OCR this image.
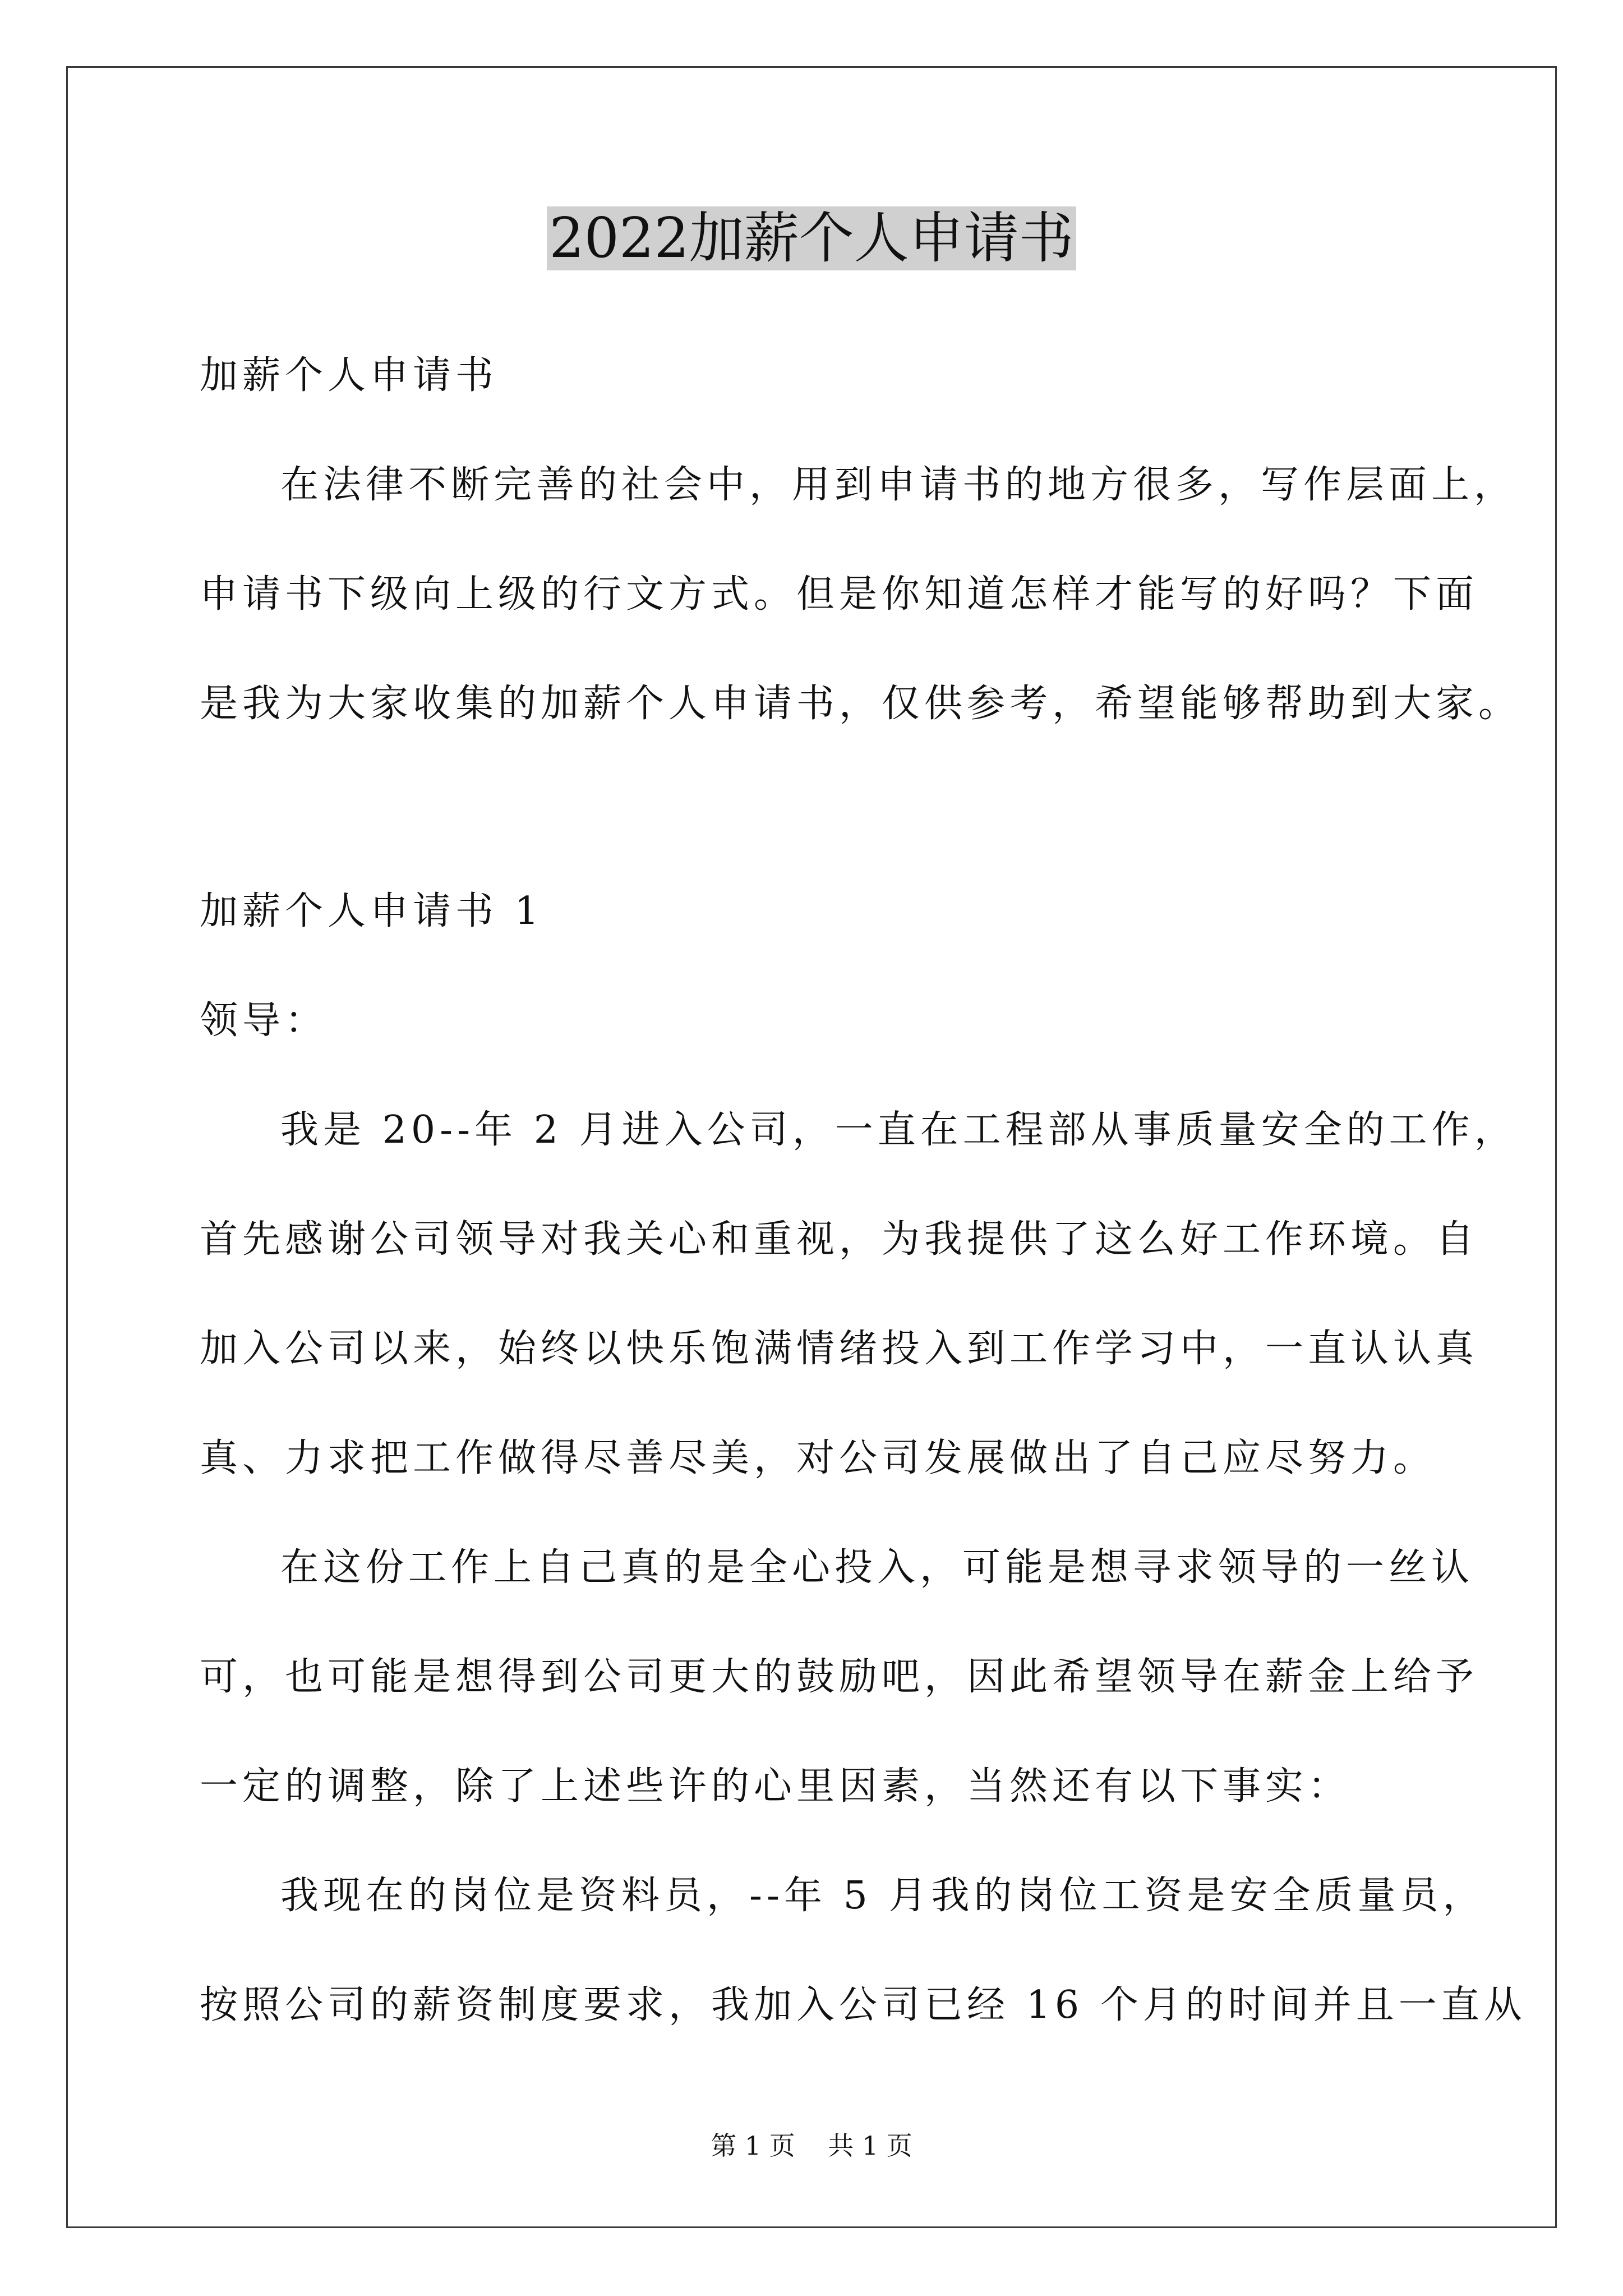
2022加薪个人申请书
加薪个人申请书
在法律不断完善的社会中，用到申请书的地方很多，写作层面上，
申请书下级向上级的行文方式。但是你知道怎样才能写的好吗？下面
是我为大家收集的加薪个人申请书，仅供参考，希望能够帮助到大家。
加薪个人申请书 1
领导：
我是 20--年 2 月进入公司，一直在工程部从事质量安全的工作，
首先感谢公司领导对我关心和重视，为我提供了这么好工作环境。自
加入公司以来，始终以快乐饱满情绪投入到工作学习中，一直认认真
真、力求把工作做得尽善尽美，对公司发展做出了自己应尽努力。
在这份工作上自己真的是全心投入，可能是想寻求领导的一丝认
可，也可能是想得到公司更大的鼓励吧，因此希望领导在薪金上给予
一定的调整，除了上述些许的心里因素，当然还有以下事实：
我现在的岗位是资料员，--年 5 月我的岗位工资是安全质量员，
按照公司的薪资制度要求，我加入公司已经 16 个月的时间并且一直从
第 1 页    共 1 页
